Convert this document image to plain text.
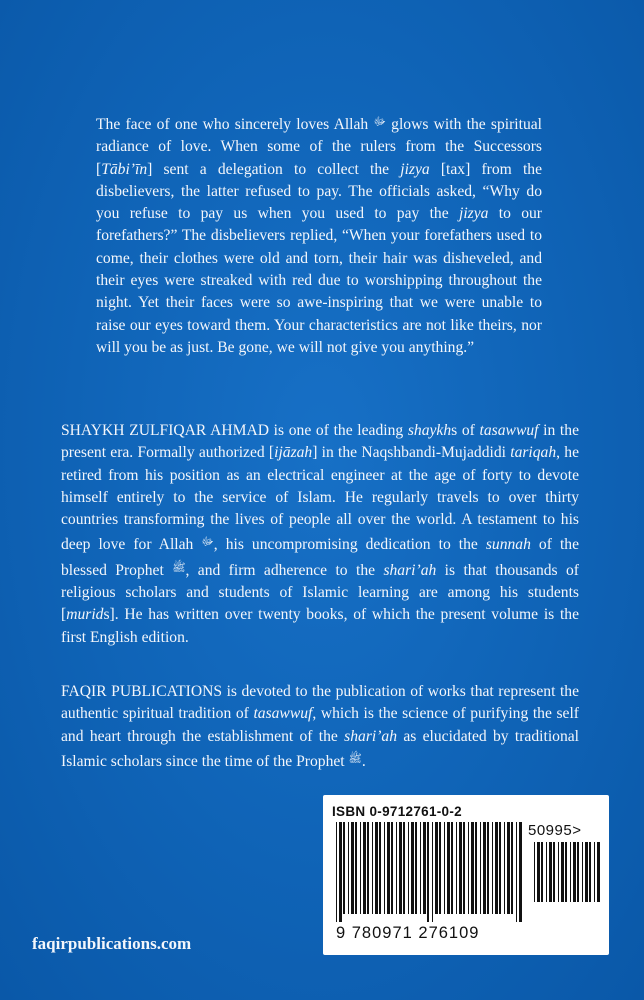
The face of one who sincerely loves Allah $^ﷻ$ glows with the spiritual radiance of love. When some of the rulers from the Successors [Tābi’īn] sent a delegation to collect the jizya [tax] from the disbelievers, the latter refused to pay. The officials asked, “Why do you refuse to pay us when you used to pay the jizya to our forefathers?” The disbelievers replied, “When your forefathers used to come, their clothes were old and torn, their hair was disheveled, and their eyes were streaked with red due to worshipping throughout the night. Yet their faces were so awe-inspiring that we were unable to raise our eyes toward them. Your characteristics are not like theirs, nor will you be as just. Be gone, we will not give you anything.”

SHAYKH ZULFIQAR AHMAD is one of the leading shaykhs of tasawwuf in the present era. Formally authorized [ijāzah] in the Naqshbandi-Mujaddidi tariqah, he retired from his position as an electrical engineer at the age of forty to devote himself entirely to the service of Islam. He regularly travels to over thirty countries transforming the lives of people all over the world. A testament to his deep love for Allah $^ﷻ$, his uncompromising dedication to the sunnah of the blessed Prophet $^ﷺ$, and firm adherence to the shari’ah is that thousands of religious scholars and students of Islamic learning are among his students [murids]. He has written over twenty books, of which the present volume is the first English edition.

FAQIR PUBLICATIONS is devoted to the publication of works that represent the authentic spiritual tradition of tasawwuf, which is the science of purifying the self and heart through the establishment of the shari’ah as elucidated by traditional Islamic scholars since the time of the Prophet $^ﷺ$.

faqirpublications.com
ISBN 0-9712761-0-2
50995>
9 780971 276109
